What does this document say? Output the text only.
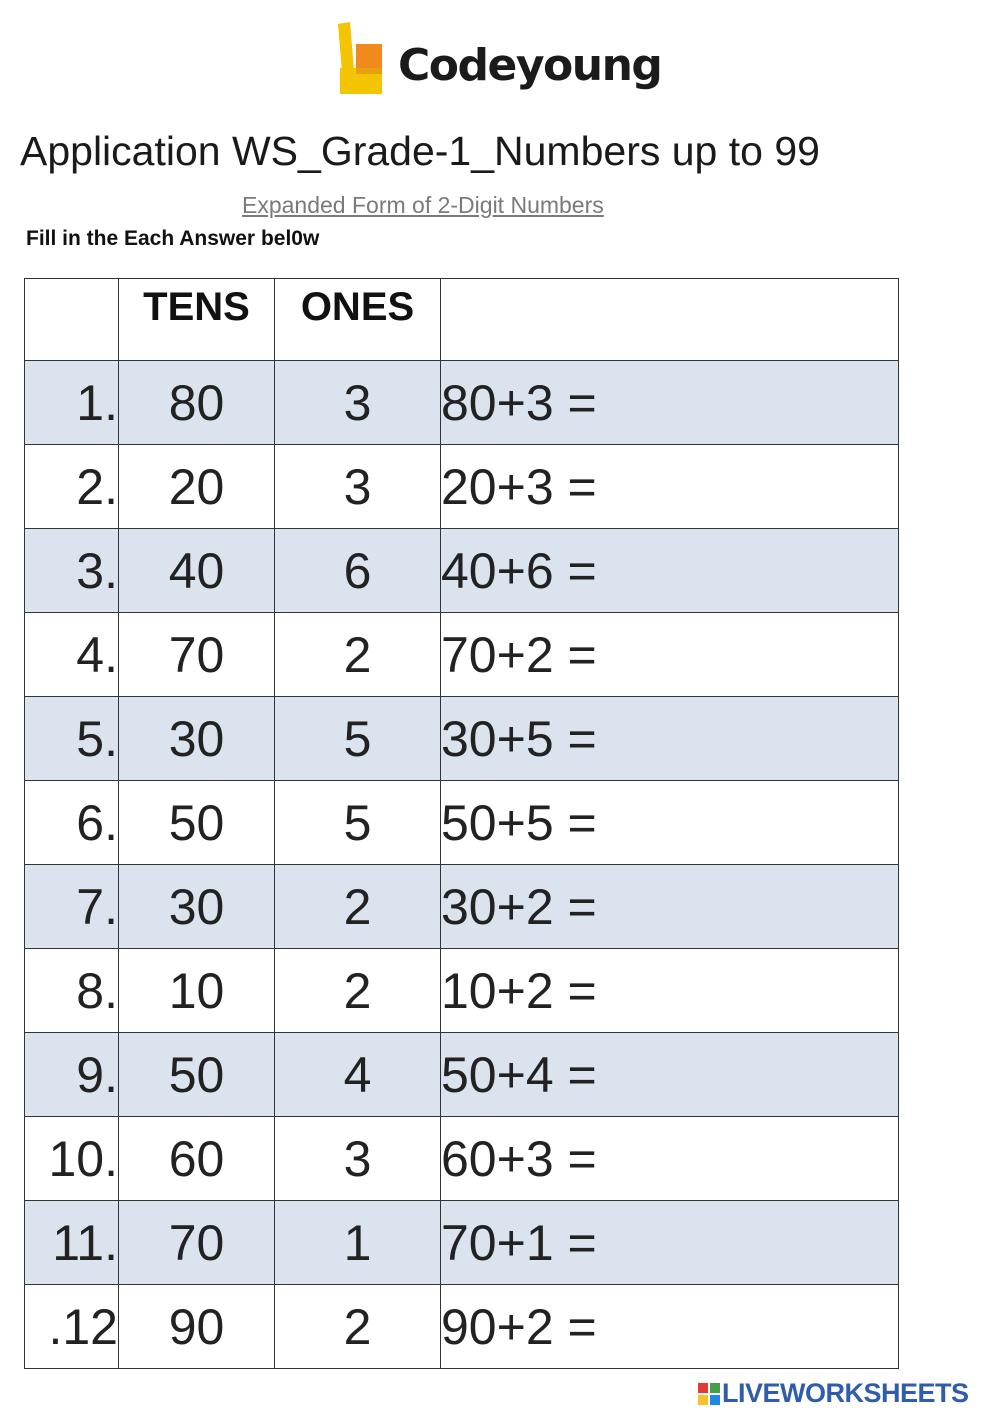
Codeyoung
Application WS_Grade-1_Numbers up to 99
Expanded Form of 2-Digit Numbers
Fill in the Each Answer bel0w
	TENS	ONES	
1.	80	3	80+3 =
2.	20	3	20+3 =
3.	40	6	40+6 =
4.	70	2	70+2 =
5.	30	5	30+5 =
6.	50	5	50+5 =
7.	30	2	30+2 =
8.	10	2	10+2 =
9.	50	4	50+4 =
10.	60	3	60+3 =
11.	70	1	70+1 =
.12	90	2	90+2 =
LIVEWORKSHEETS
